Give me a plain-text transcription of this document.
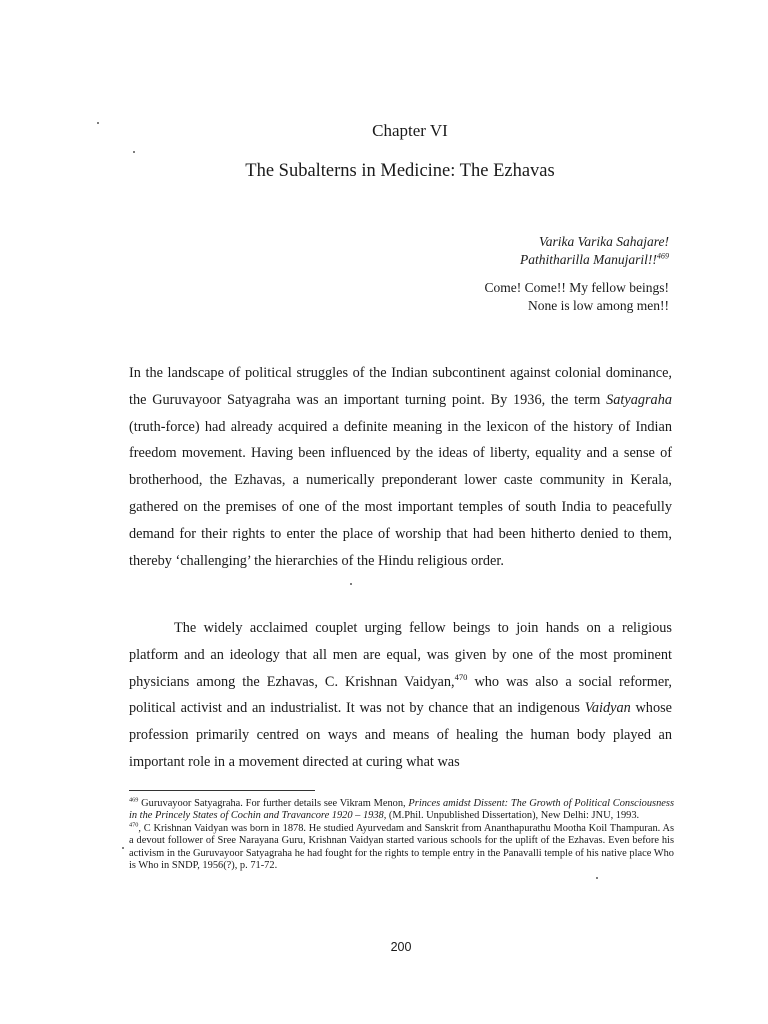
Chapter VI
The Subalterns in Medicine: The Ezhavas
Varika Varika Sahajare!
Pathitharilla Manujaril!!$^{469}$
Come! Come!! My fellow beings!
None is low among men!!

In the landscape of political struggles of the Indian subcontinent against colonial dominance, the Guruvayoor Satyagraha was an important turning point. By 1936, the term Satyagraha (truth-force) had already acquired a definite meaning in the lexicon of the history of Indian freedom movement. Having been influenced by the ideas of liberty, equality and a sense of brotherhood, the Ezhavas, a numerically preponderant lower caste community in Kerala, gathered on the premises of one of the most important temples of south India to peacefully demand for their rights to enter the place of worship that had been hitherto denied to them, thereby ‘challenging’ the hierarchies of the Hindu religious order.

The widely acclaimed couplet urging fellow beings to join hands on a religious platform and an ideology that all men are equal, was given by one of the most prominent physicians among the Ezhavas, C. Krishnan Vaidyan,$^{470}$ who was also a social reformer, political activist and an industrialist. It was not by chance that an indigenous Vaidyan whose profession primarily centred on ways and means of healing the human body played an important role in a movement directed at curing what was

$^{469}$ Guruvayoor Satyagraha. For further details see Vikram Menon, Princes amidst Dissent: The Growth of Political Consciousness in the Princely States of Cochin and Travancore 1920 – 1938, (M.Phil. Unpublished Dissertation), New Delhi: JNU, 1993.

$^{470}$, C Krishnan Vaidyan was born in 1878. He studied Ayurvedam and Sanskrit from Ananthapurathu Mootha Koil Thampuran. As a devout follower of Sree Narayana Guru, Krishnan Vaidyan started various schools for the uplift of the Ezhavas. Even before his activism in the Guruvayoor Satyagraha he had fought for the rights to temple entry in the Panavalli temple of his native place Who is Who in SNDP, 1956(?), p. 71-72.

200
